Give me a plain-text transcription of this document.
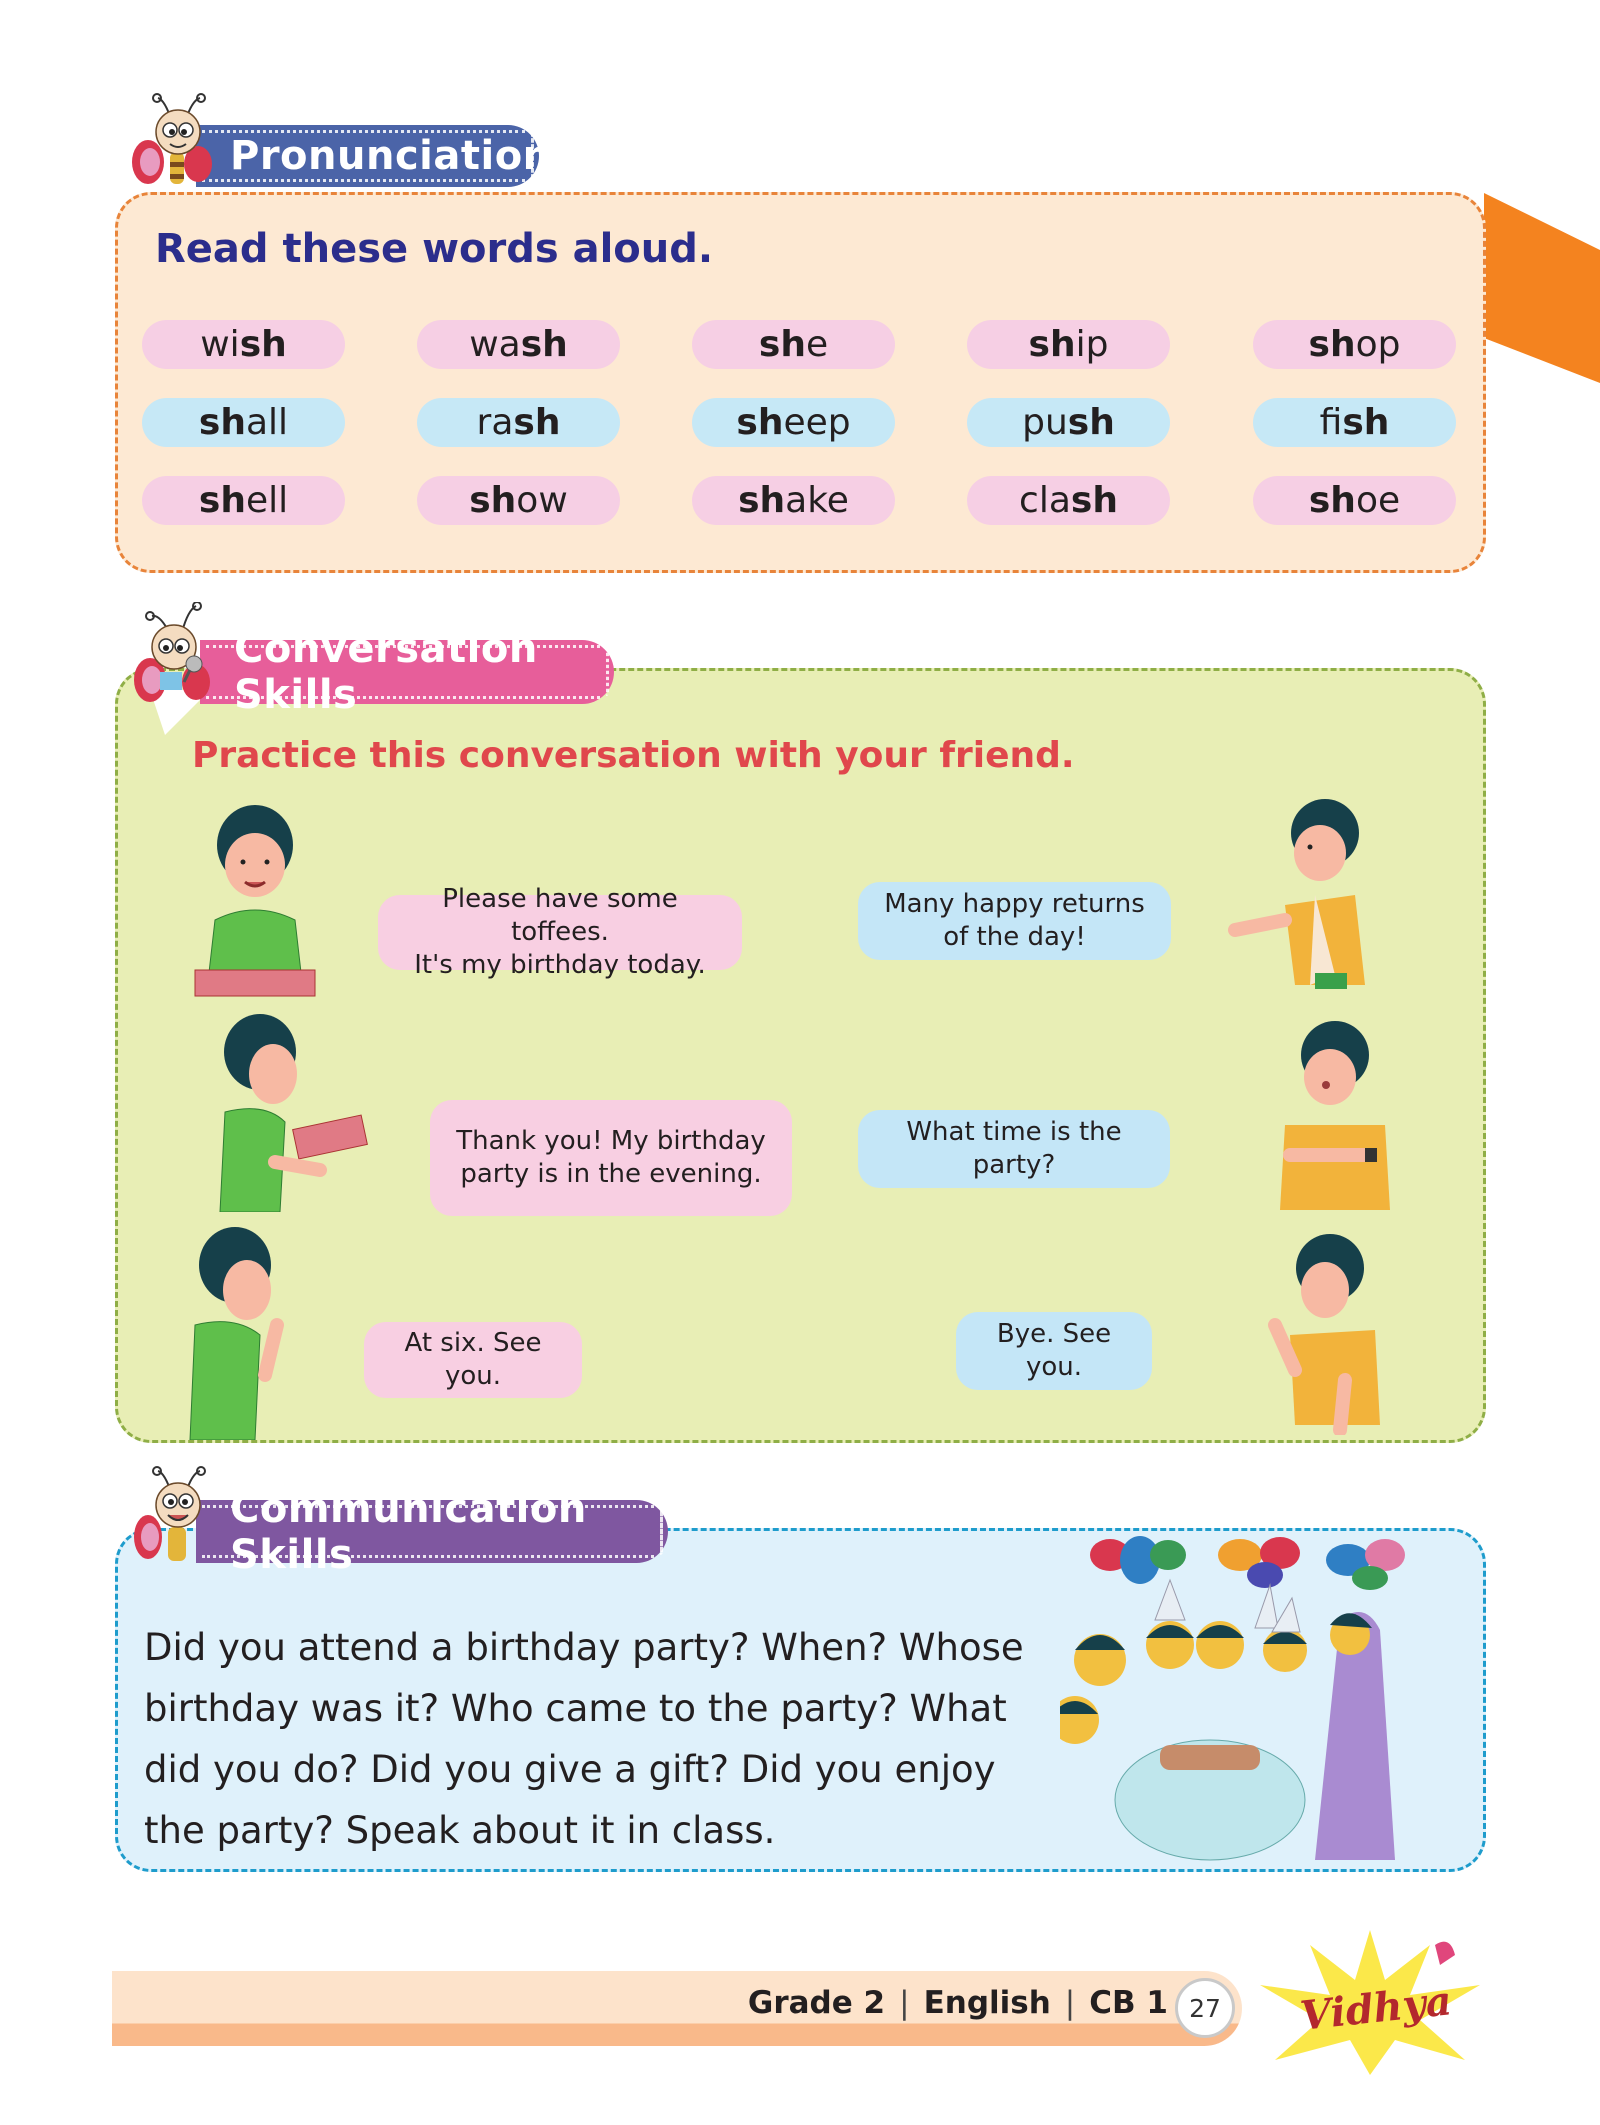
Pronunciation
Read these words aloud.
wi sh	wa sh	sh e	sh ip	sh op
sh all	ra sh	sh eep	pu sh	fi sh
sh ell	sh ow	sh ake	cla sh	sh oe
Conversation Skills
Practice this conversation with your friend.
Please have some toffees.
It's my birthday today.
Many happy returns
of the day!
Thank you! My birthday
party is in the evening.
What time is the party?
At six. See you.
Bye. See you.
Communication Skills
Did you attend a birthday party? When? Whose
birthday was it? Who came to the party? What
did you do? Did you give a gift? Did you enjoy
the party? Speak about it in class.
Grade 2 | English | CB 1 27	Vidhya
